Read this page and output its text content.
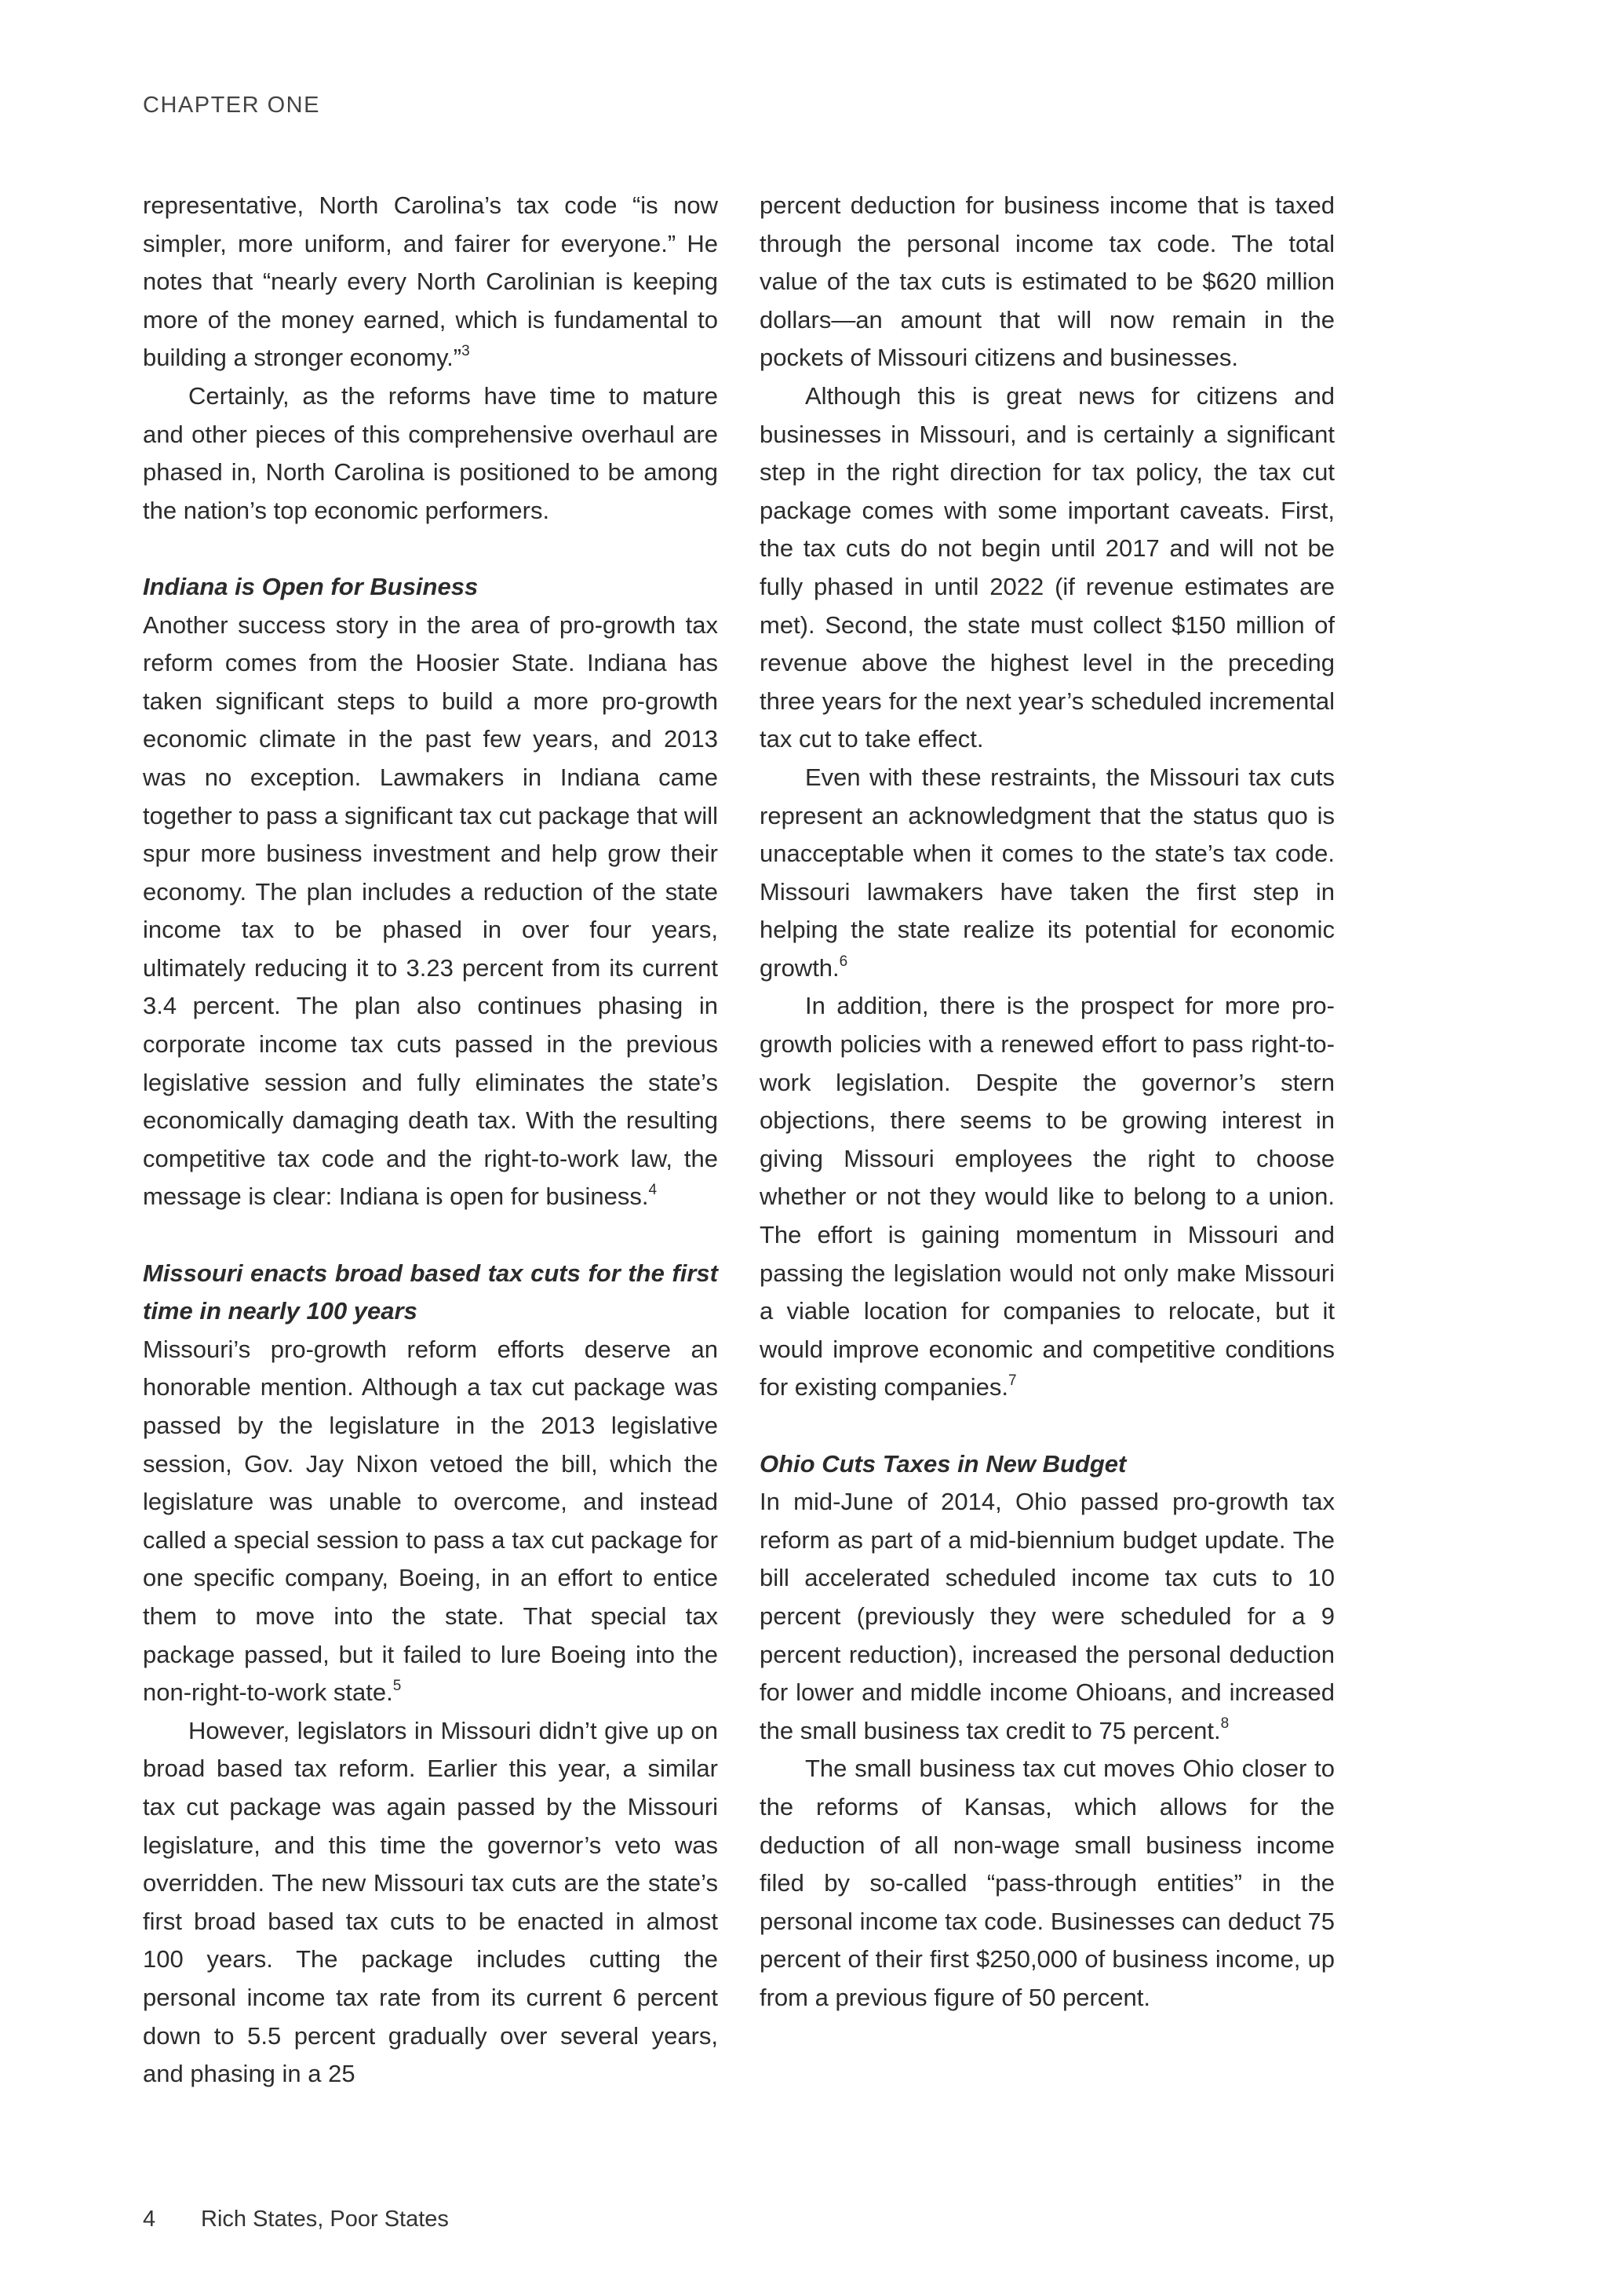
CHAPTER ONE

representative, North Carolina’s tax code “is now simpler, more uniform, and fairer for everyone.” He notes that “nearly every North Carolinian is keeping more of the money earned, which is fundamental to building a stronger economy.”$^3$

Certainly, as the reforms have time to mature and other pieces of this comprehensive overhaul are phased in, North Carolina is positioned to be among the nation’s top economic performers.

Indiana is Open for Business

Another success story in the area of pro-growth tax reform comes from the Hoosier State. Indiana has taken significant steps to build a more pro-growth economic climate in the past few years, and 2013 was no exception. Lawmakers in Indiana came together to pass a significant tax cut package that will spur more business investment and help grow their economy. The plan includes a reduction of the state income tax to be phased in over four years, ultimately reducing it to 3.23 percent from its current 3.4 percent. The plan also continues phasing in corporate income tax cuts passed in the previous legislative session and fully eliminates the state’s economically damaging death tax. With the resulting competitive tax code and the right-to-work law, the message is clear: Indiana is open for business.$^4$

Missouri enacts broad based tax cuts for the first time in nearly 100 years

Missouri’s pro-growth reform efforts deserve an honorable mention. Although a tax cut package was passed by the legislature in the 2013 legislative session, Gov. Jay Nixon vetoed the bill, which the legislature was unable to overcome, and instead called a special session to pass a tax cut package for one specific company, Boeing, in an effort to entice them to move into the state. That special tax package passed, but it failed to lure Boeing into the non-right-to-work state.$^5$

However, legislators in Missouri didn’t give up on broad based tax reform. Earlier this year, a similar tax cut package was again passed by the Missouri legislature, and this time the governor’s veto was overridden. The new Missouri tax cuts are the state’s first broad based tax cuts to be enacted in almost 100 years. The package includes cutting the personal income tax rate from its current 6 percent down to 5.5 percent gradually over several years, and phasing in a 25

percent deduction for business income that is taxed through the personal income tax code. The total value of the tax cuts is estimated to be $620 million dollars—an amount that will now remain in the pockets of Missouri citizens and businesses.

Although this is great news for citizens and businesses in Missouri, and is certainly a significant step in the right direction for tax policy, the tax cut package comes with some important caveats. First, the tax cuts do not begin until 2017 and will not be fully phased in until 2022 (if revenue estimates are met). Second, the state must collect $150 million of revenue above the highest level in the preceding three years for the next year’s scheduled incremental tax cut to take effect.

Even with these restraints, the Missouri tax cuts represent an acknowledgment that the status quo is unacceptable when it comes to the state’s tax code. Missouri lawmakers have taken the first step in helping the state realize its potential for economic growth.$^6$

In addition, there is the prospect for more pro-growth policies with a renewed effort to pass right-to-work legislation. Despite the governor’s stern objections, there seems to be growing interest in giving Missouri employees the right to choose whether or not they would like to belong to a union. The effort is gaining momentum in Missouri and passing the legislation would not only make Missouri a viable location for companies to relocate, but it would improve economic and competitive conditions for existing companies.$^7$

Ohio Cuts Taxes in New Budget

In mid-June of 2014, Ohio passed pro-growth tax reform as part of a mid-biennium budget update. The bill accelerated scheduled income tax cuts to 10 percent (previously they were scheduled for a 9 percent reduction), increased the personal deduction for lower and middle income Ohioans, and increased the small business tax credit to 75 percent.$^8$

The small business tax cut moves Ohio closer to the reforms of Kansas, which allows for the deduction of all non-wage small business income filed by so-called “pass-through entities” in the personal income tax code. Businesses can deduct 75 percent of their first $250,000 of business income, up from a previous figure of 50 percent.

4 Rich States, Poor States
